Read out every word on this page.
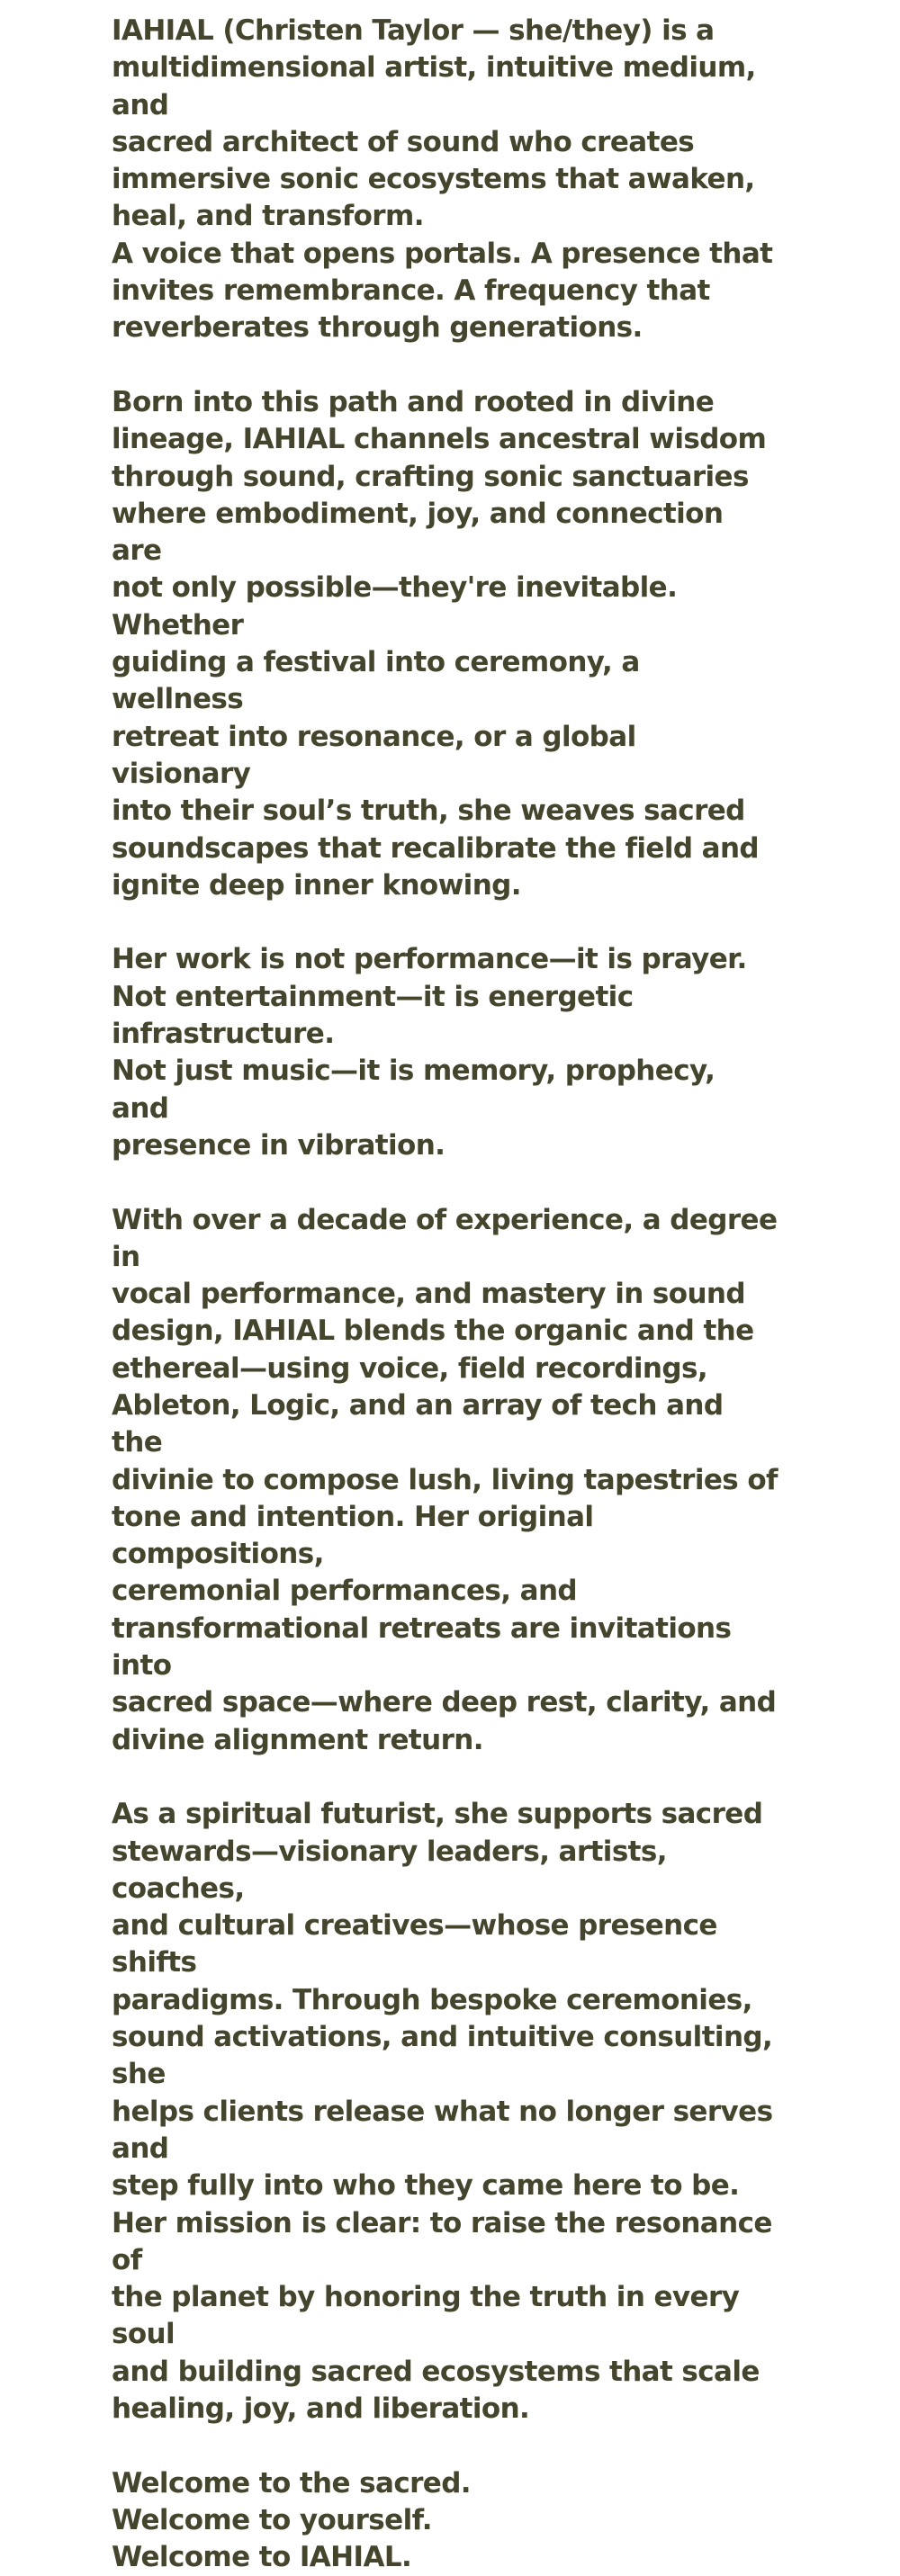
IAHIAL (Christen Taylor — she/they) is a
multidimensional artist, intuitive medium, and
sacred architect of sound who creates
immersive sonic ecosystems that awaken,
heal, and transform.
A voice that opens portals. A presence that
invites remembrance. A frequency that
reverberates through generations.

Born into this path and rooted in divine
lineage, IAHIAL channels ancestral wisdom
through sound, crafting sonic sanctuaries
where embodiment, joy, and connection are
not only possible—they're inevitable. Whether
guiding a festival into ceremony, a wellness
retreat into resonance, or a global visionary
into their soul’s truth, she weaves sacred
soundscapes that recalibrate the field and
ignite deep inner knowing.

Her work is not performance—it is prayer.
Not entertainment—it is energetic
infrastructure.
Not just music—it is memory, prophecy, and
presence in vibration.

With over a decade of experience, a degree in
vocal performance, and mastery in sound
design, IAHIAL blends the organic and the
ethereal—using voice, field recordings,
Ableton, Logic, and an array of tech and the
divinie to compose lush, living tapestries of
tone and intention. Her original compositions,
ceremonial performances, and
transformational retreats are invitations into
sacred space—where deep rest, clarity, and
divine alignment return.

As a spiritual futurist, she supports sacred
stewards—visionary leaders, artists, coaches,
and cultural creatives—whose presence shifts
paradigms. Through bespoke ceremonies,
sound activations, and intuitive consulting, she
helps clients release what no longer serves and
step fully into who they came here to be.
Her mission is clear: to raise the resonance of
the planet by honoring the truth in every soul
and building sacred ecosystems that scale
healing, joy, and liberation.

Welcome to the sacred.
Welcome to yourself.
Welcome to IAHIAL.
